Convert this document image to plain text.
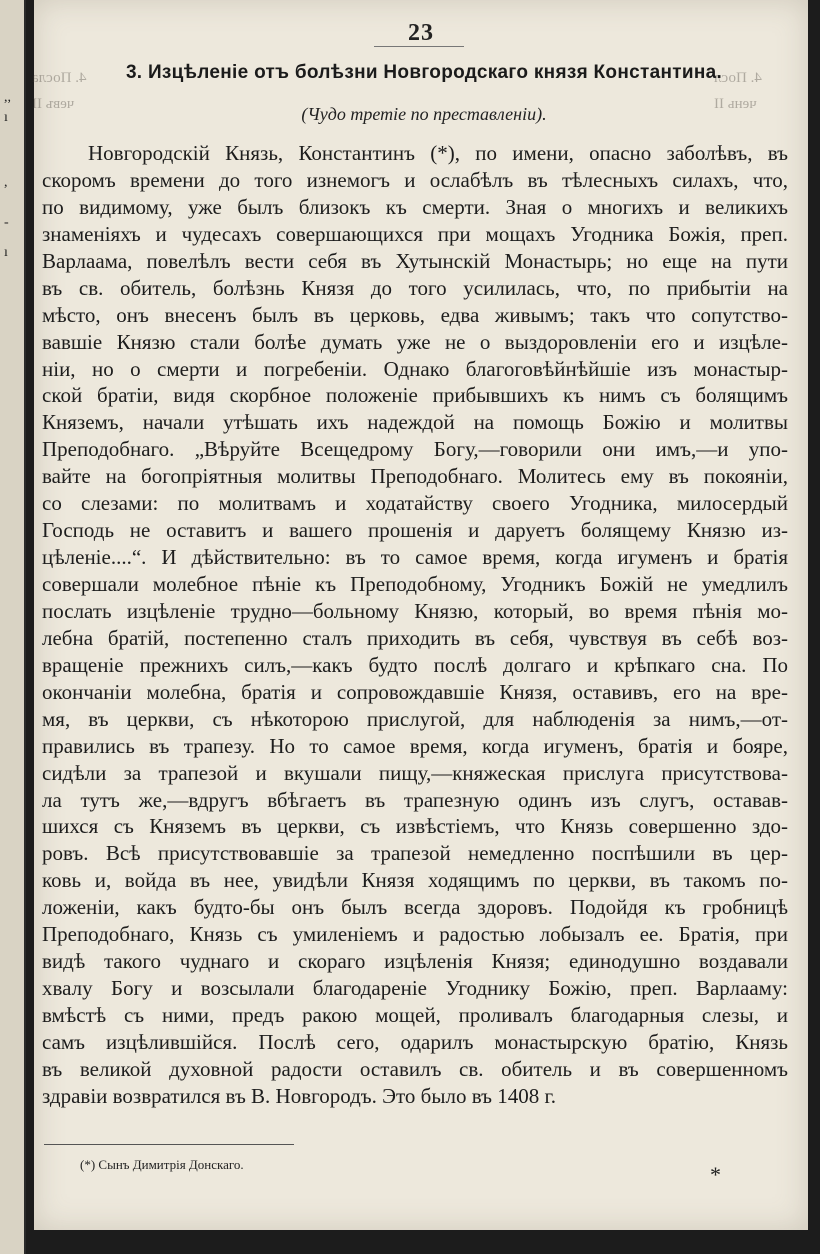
,,
ı
,
-
ı
23
4. Посла
чевъ II
4. Посл
чень II
3. Изцѣленіе отъ болѣзни Новгородскаго князя Константина.
(Чудо третіе по преставленіи).
Новгородскій Князь, Константинъ (*), по имени, опасно заболѣвъ, въ
скоромъ времени до того изнемогъ и ослабѣлъ въ тѣлесныхъ силахъ, что,
по видимому, уже былъ близокъ къ смерти. Зная о многихъ и великихъ
знаменіяхъ и чудесахъ совершающихся при мощахъ Угодника Божія, преп.
Варлаама, повелѣлъ вести себя въ Хутынскій Монастырь; но еще на пути
въ св. обитель, болѣзнь Князя до того усилилась, что, по прибытіи на
мѣсто, онъ внесенъ былъ въ церковь, едва живымъ; такъ что сопутство-
вавшіе Князю стали болѣе думать уже не о выздоровленіи его и изцѣле-
ніи, но о смерти и погребеніи. Однако благоговѣйнѣйшіе изъ монастыр-
ской братіи, видя скорбное положеніе прибывшихъ къ нимъ съ болящимъ
Княземъ, начали утѣшать ихъ надеждой на помощь Божію и молитвы
Преподобнаго. „Вѣруйте Всещедрому Богу,—говорили они имъ,—и упо-
вайте на богопріятныя молитвы Преподобнаго. Молитесь ему въ покояніи,
со слезами: по молитвамъ и ходатайству своего Угодника, милосердый
Господь не оставитъ и вашего прошенія и даруетъ болящему Князю из-
цѣленіе....“. И дѣйствительно: въ то самое время, когда игуменъ и братія
совершали молебное пѣніе къ Преподобному, Угодникъ Божій не умедлилъ
послать изцѣленіе трудно—больному Князю, который, во время пѣнія мо-
лебна братій, постепенно сталъ приходить въ себя, чувствуя въ себѣ воз-
вращеніе прежнихъ силъ,—какъ будто послѣ долгаго и крѣпкаго сна. По
окончаніи молебна, братія и сопровождавшіе Князя, оставивъ, его на вре-
мя, въ церкви, съ нѣкоторою прислугой, для наблюденія за нимъ,—от-
правились въ трапезу. Но то самое время, когда игуменъ, братія и бояре,
сидѣли за трапезой и вкушали пищу,—княжеская прислуга присутствова-
ла тутъ же,—вдругъ вбѣгаетъ въ трапезную одинъ изъ слугъ, оставав-
шихся съ Княземъ въ церкви, съ извѣстіемъ, что Князь совершенно здо-
ровъ. Всѣ присутствовавшіе за трапезой немедленно поспѣшили въ цер-
ковь и, войда въ нее, увидѣли Князя ходящимъ по церкви, въ такомъ по-
ложеніи, какъ будто-бы онъ былъ всегда здоровъ. Подойдя къ гробницѣ
Преподобнаго, Князь съ умиленіемъ и радостью лобызалъ ее. Братія, при
видѣ такого чуднаго и скораго изцѣленія Князя; единодушно воздавали
хвалу Богу и возсылали благодареніе Угоднику Божію, преп. Варлааму:
вмѣстѣ съ ними, предъ ракою мощей, проливалъ благодарныя слезы, и
самъ изцѣлившійся. Послѣ сего, одарилъ монастырскую братію, Князь
въ великой духовной радости оставилъ св. обитель и въ совершенномъ
здравіи возвратился въ В. Новгородъ. Это было въ 1408 г.
(*) Сынъ Димитрія Донскаго.	*
